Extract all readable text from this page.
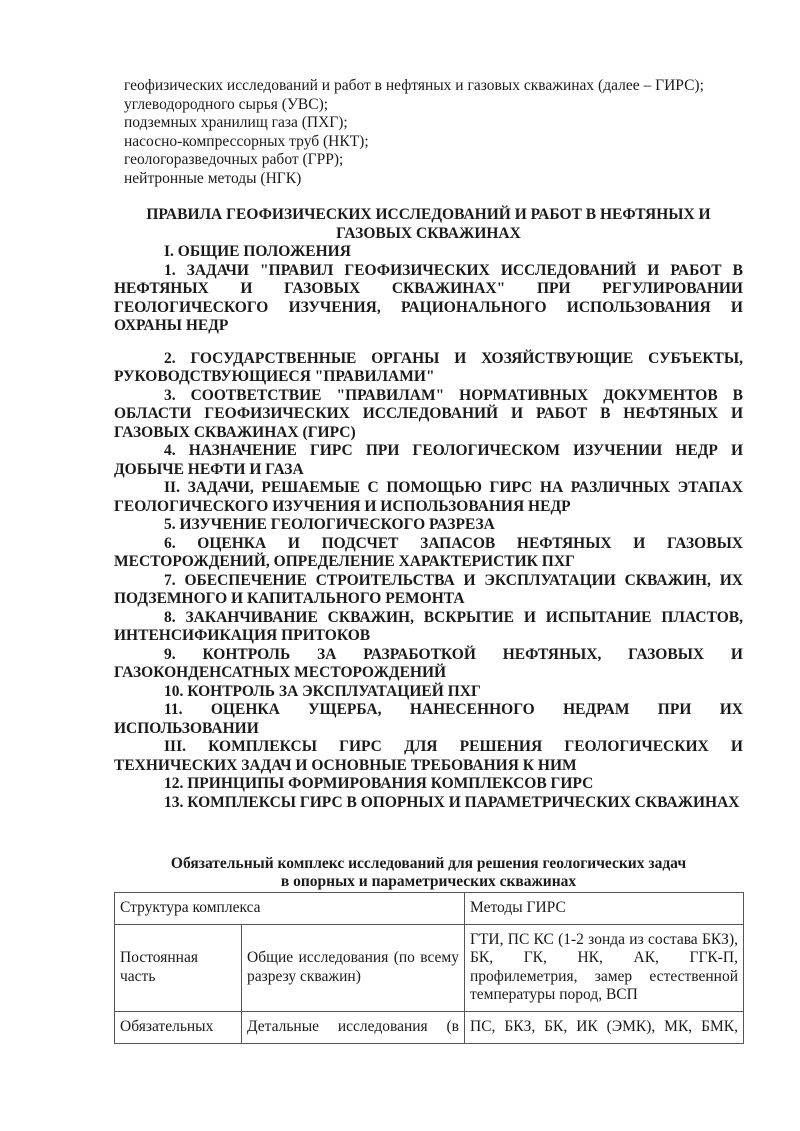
геофизических исследований и работ в нефтяных и газовых скважинах (далее – ГИРС);
углеводородного сырья (УВС);
подземных хранилищ газа (ПХГ);
насосно-компрессорных труб (НКТ);
геологоразведочных работ (ГРР);
нейтронные методы (НГК)
ПРАВИЛА ГЕОФИЗИЧЕСКИХ ИССЛЕДОВАНИЙ И РАБОТ В НЕФТЯНЫХ И
ГАЗОВЫХ СКВАЖИНАХ
I. ОБЩИЕ ПОЛОЖЕНИЯ
1. ЗАДАЧИ "ПРАВИЛ ГЕОФИЗИЧЕСКИХ ИССЛЕДОВАНИЙ И РАБОТ В НЕФТЯНЫХ И ГАЗОВЫХ СКВАЖИНАХ" ПРИ РЕГУЛИРОВАНИИ ГЕОЛОГИЧЕСКОГО ИЗУЧЕНИЯ, РАЦИОНАЛЬНОГО ИСПОЛЬЗОВАНИЯ И ОХРАНЫ НЕДР
2. ГОСУДАРСТВЕННЫЕ ОРГАНЫ И ХОЗЯЙСТВУЮЩИЕ СУБЪЕКТЫ, РУКОВОДСТВУЮЩИЕСЯ "ПРАВИЛАМИ"
3. СООТВЕТСТВИЕ "ПРАВИЛАМ" НОРМАТИВНЫХ ДОКУМЕНТОВ В ОБЛАСТИ ГЕОФИЗИЧЕСКИХ ИССЛЕДОВАНИЙ И РАБОТ В НЕФТЯНЫХ И ГАЗОВЫХ СКВАЖИНАХ (ГИРС)
4. НАЗНАЧЕНИЕ ГИРС ПРИ ГЕОЛОГИЧЕСКОМ ИЗУЧЕНИИ НЕДР И ДОБЫЧЕ НЕФТИ И ГАЗА
II. ЗАДАЧИ, РЕШАЕМЫЕ С ПОМОЩЬЮ ГИРС НА РАЗЛИЧНЫХ ЭТАПАХ ГЕОЛОГИЧЕСКОГО ИЗУЧЕНИЯ И ИСПОЛЬЗОВАНИЯ НЕДР
5. ИЗУЧЕНИЕ ГЕОЛОГИЧЕСКОГО РАЗРЕЗА
6. ОЦЕНКА И ПОДСЧЕТ ЗАПАСОВ НЕФТЯНЫХ И ГАЗОВЫХ МЕСТОРОЖДЕНИЙ, ОПРЕДЕЛЕНИЕ ХАРАКТЕРИСТИК ПХГ
7. ОБЕСПЕЧЕНИЕ СТРОИТЕЛЬСТВА И ЭКСПЛУАТАЦИИ СКВАЖИН, ИХ ПОДЗЕМНОГО И КАПИТАЛЬНОГО РЕМОНТА
8. ЗАКАНЧИВАНИЕ СКВАЖИН, ВСКРЫТИЕ И ИСПЫТАНИЕ ПЛАСТОВ, ИНТЕНСИФИКАЦИЯ ПРИТОКОВ
9. КОНТРОЛЬ ЗА РАЗРАБОТКОЙ НЕФТЯНЫХ, ГАЗОВЫХ И ГАЗОКОНДЕНСАТНЫХ МЕСТОРОЖДЕНИЙ
10. КОНТРОЛЬ ЗА ЭКСПЛУАТАЦИЕЙ ПХГ
11. ОЦЕНКА УЩЕРБА, НАНЕСЕННОГО НЕДРАМ ПРИ ИХ ИСПОЛЬЗОВАНИИ
III. КОМПЛЕКСЫ ГИРС ДЛЯ РЕШЕНИЯ ГЕОЛОГИЧЕСКИХ И ТЕХНИЧЕСКИХ ЗАДАЧ И ОСНОВНЫЕ ТРЕБОВАНИЯ К НИМ
12. ПРИНЦИПЫ ФОРМИРОВАНИЯ КОМПЛЕКСОВ ГИРС
13. КОМПЛЕКСЫ ГИРС В ОПОРНЫХ И ПАРАМЕТРИЧЕСКИХ СКВАЖИНАХ
Обязательный комплекс исследований для решения геологических задач
в опорных и параметрических скважинах
Структура комплекса		Методы ГИРС
Постоянная часть	Общие исследования (по всему разрезу скважин)	ГТИ, ПС КС (1-2 зонда из состава БКЗ), БК, ГК, НК, АК, ГГК-П, профилеметрия, замер естественной температуры пород, ВСП

Обязательных	Детальные исследования (в	ПС, БКЗ, БК, ИК (ЭМК), МК, БМК,
